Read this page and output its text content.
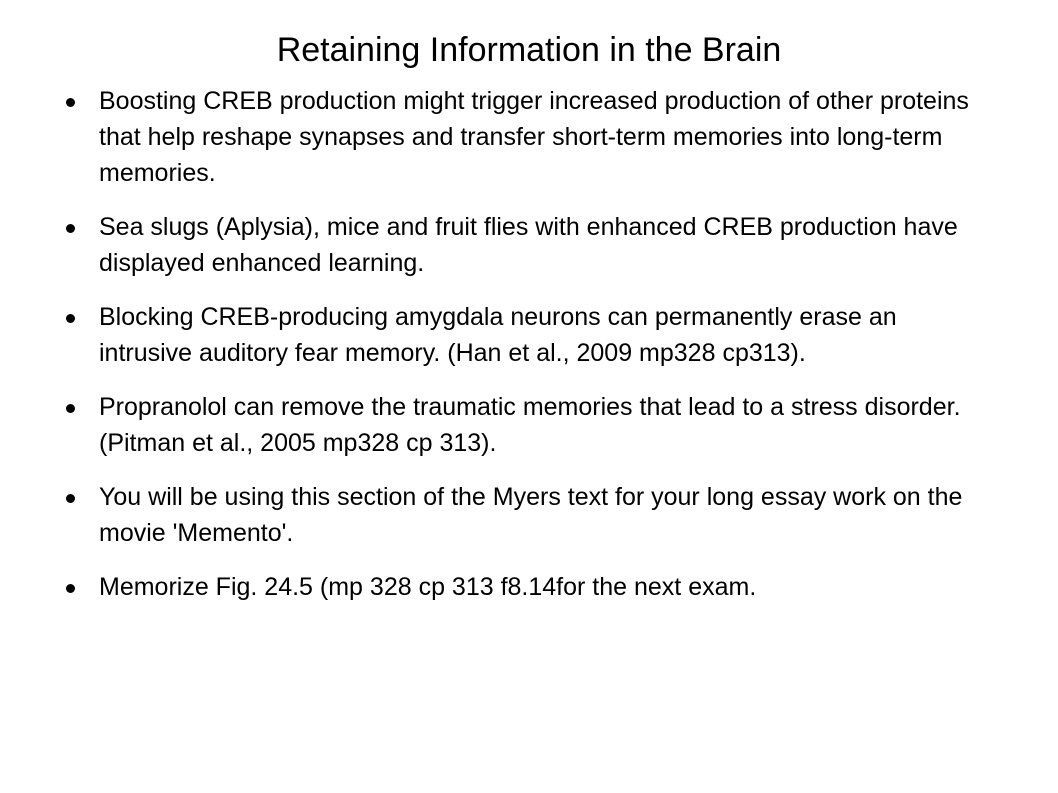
Retaining Information in the Brain
Boosting CREB production might trigger increased production of other proteins that help reshape synapses and transfer short-term memories into long-term memories.
Sea slugs (Aplysia), mice and fruit flies with enhanced CREB production have displayed enhanced learning.
Blocking CREB-producing amygdala neurons can permanently erase an intrusive auditory fear memory. (Han et al., 2009 mp328 cp313).
Propranolol can remove the traumatic memories that lead to a stress disorder. (Pitman et al., 2005 mp328 cp 313).
You will be using this section of the Myers text for your long essay work on the movie 'Memento'.
Memorize Fig. 24.5 (mp 328 cp 313 f8.14for the next exam.
